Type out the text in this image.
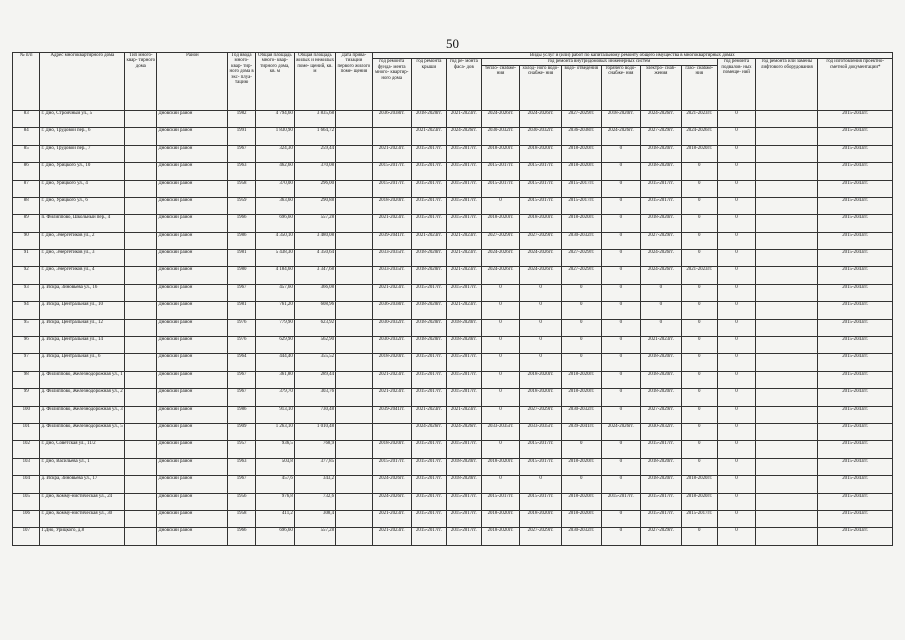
50
№ п/п	Адрес многоквартирного дома	Тип много- квар- тирного дома	Район	Год ввода много- квар- тир- ного дома в экс- плуа- тацию	Общая площадь много- квар- тирного дома, кв. м	Общая площадь жилых и нежилых поме- щений, кв. м	Дата прива- тизации первого жилого поме- щения	Виды услуг и (или) работ по капитальному ремонту общего имущества в многоквартирных домах											
								год ремонта фунда- мента много- квартир- ного дома	год ремонта крыши	год ре- монта фаса- дов	год ремонта внутридомовых инженерных систем						год ремонта подвалов- ных помеще- ний	год ремонта или замены лифтового оборудования	год изготовления проектно-сметной документации*
											тепло- снабже- ния	холод- ного водо- снабже- ния	водо- отведения	горячего водо- снабже- ния	электро- снаб- жения	газо- снабже- ния			
83	г. Дно, Стройчный ул., 5		Дновский район	1982	4 794,60	3 835,68		2036-2038гг.	2018-2020гг.	2021-2023гг.	2024-2026гг.	2024-2026гг.	2027-2029гг.	2018-2020гг.	2024-2026гг.	2021-2023гг.	0		2015-2043гг.
84	г. Дно, Трудовой пер., 6		Дновский район	1991	1 830,90	1 664,72			2021-2023гг.	2024-2026гг.	2030-2032гг.	2030-2032гг.	2036-2038гг.	2024-2026гг.	2027-2029гг.	2024-2026гг.	0		2015-2043гг.
85	г. Дно, Трудовой пер., 7		Дновский район	1967	324,30	259,44		2021-2023гг.	2015-2017гг.	2015-2017гг.	2018-2020гг.	2018-2020гг.	2018-2020гг.	0	2018-2020гг.	2018-2020гг.	0		2015-2043гг.
86	г. Дно, Урицкого ул., 10		Дновский район	1963	462,60	370,08		2015-2017гг.	2015-2017гг.	2015-2017гг.	2015-2017гг.	2015-2017гг.	2018-2020гг.	0	2018-2020гг.	0	0		2015-2043гг.
87	г. Дно, Урицкого ул., 4		Дновский район	1958	370,00	296,00		2015-2017гг.	2015-2017гг.	2015-2017гг.	2015-2017гг.	2015-2017гг.	2015-2017гг.	0	2015-2017гг.	0	0		2015-2043гг.
88	г. Дно, Урицкого ул., 6		Дновский район	1959	363,60	290,88		2018-2020гг.	2015-2017гг.	2015-2017гг.	0	2015-2017гг.	2015-2017гг.	0	2015-2017гг.	0	0		2015-2043гг.
89	п. Филиппово, Школьный пер., 4		Дновский район	1966	696,60	557,28		2021-2023гг.	2015-2017гг.	2015-2017гг.	2018-2020гг.	2018-2020гг.	2018-2020гг.	0	2018-2020гг.	0	0		2015-2043гг.
90	г. Дно, Энергетиков ул., 2		Дновский район	1986	4 350,10	3 480,08		2039-2041гг.	2021-2023гг.	2021-2023гг.	2027-2029гг.	2027-2029гг.	2030-2032гг.	0	2027-2029гг.	0	0		2015-2043гг.
91	г. Дно, Энергетиков ул., 3		Дновский район	1981	5 438,30	4 350,64		2033-2035гг.	2018-2020гг.	2021-2023гг.	2024-2026гг.	2024-2026гг.	2027-2029гг.	0	2024-2026гг.	0	0		2015-2043гг.
92	г. Дно, Энергетиков ул., 4		Дновский район	1980	4 184,60	3 347,68		2033-2035гг.	2018-2020гг.	2021-2023гг.	2024-2026гг.	2024-2026гг.	2027-2029гг.	0	2024-2026гг.	2021-2023гг.	0		2015-2043гг.
93	д. Искра, Зиновьева ул., 16		Дновский район	1967	457,60	366,08		2021-2023гг.	2015-2017гг.	2015-2017гг.	0	0	0	0	0	0	0		2015-2043гг.
94	д. Искра, Центральная ул., 10		Дновский район	1981	761,20	608,96		2036-2038гг.	2018-2020гг.	2021-2023гг.	0	0	0	0	0	0	0		2015-2043гг.
95	д. Искра, Центральная ул., 12		Дновский район	1976	779,90	623,92		2030-2032гг.	2018-2020гг.	2018-2020гг.	0	0	0	0	0	0	0		2015-2043гг.
96	д. Искра, Центральная ул., 14		Дновский район	1976	629,90	562,90		2030-2032гг.	2018-2020гг.	2018-2020гг.	0	0	0	0	2021-2023гг.	0	0		2015-2043гг.
97	д. Искра, Центральная ул., 6		Дновский район	1964	444,40	355,52		2018-2020гг.	2015-2017гг.	2015-2017гг.	0	0	0	0	2018-2020гг.	0	0		2015-2043гг.
98	д. Филиппово, Железнодорожная ул., 1		Дновский район	1967	361,80	289,44		2021-2023гг.	2015-2017гг.	2015-2017гг.	0	2018-2020гг.	2018-2020гг.	0	2018-2020гг.	0	0		2015-2043гг.
99	д. Филиппово, Железнодорожная ул., 2		Дновский район	1967	379,70	303,76		2021-2023гг.	2015-2017гг.	2015-2017гг.	0	2018-2020гг.	2018-2020гг.	0	2018-2020гг.	0	0		2015-2043гг.
100	д. Филиппово, Железнодорожная ул., 3		Дновский район	1986	913,10	730,48		2039-2041гг.	2021-2023гг.	2021-2023гг.	0	2027-2029гг.	2030-2032гг.	0	2027-2029гг.	0	0		2015-2043гг.
101	д. Филиппово, Железнодорожная ул., 5		Дновский район	1909	1 263,10	1 010,48			2024-2026гг.	2024-2026гг.	2033-2035гг.	2033-2035гг.	2039-2041гг.	2024-2026гг.	2030-2032гг.	0	0		2015-2043гг.
102	г. Дно, Советская ул., 11/2		Дновский район	1957	936,5	768,9		2018-2020гг.	2015-2017гг.	2015-2017гг.	0	2015-2017гг.	0	0	2015-2017гг.	0	0		2015-2043гг.
103	г. Дно, Васильева ул., 1		Дновский район	1963	503,8	377,85		2015-2017гг.	2015-2017гг.	2018-2020гг.	2018-2020гг.	2015-2017гг.	2018-2020гг.	0	2018-2020гг.	0	0		2015-2043гг.
104	д. Искра, Зиновьева ул., 17		Дновский район	1967	457,6	343,2		2024-2026гг.	2015-2017гг.	2018-2020гг.	0	0	0	0	2018-2020гг.	2018-2020гг.	0		2015-2043гг.
105	г. Дно, Комму-нистическая ул., 24		Дновский район	1956	976,8	732,6		2024-2026гг.	2015-2017гг.	2015-2017гг.	2015-2017гг.	2015-2017гг.	2018-2020гг.	2015-2017гг.	2015-2017гг.	2018-2020гг.	0		2015-2043гг.
106	г. Дно, Комму-нистическая ул., 30		Дновский район	1958	411,2	308,4		2021-2023гг.	2015-2017гг.	2015-2017гг.	2018-2020гг.	2018-2020гг.	2018-2020гг.	0	2015-2017гг.	2015-2017гг.	0		2015-2043гг.
107	Г.Дно, Урицкого, д.8		Дновский район	1966	696,60	557,28		2021-2023гг.	2015-2017гг.	2015-2017гг.	2018-2020гг.	2027-2029гг.	2030-2032гг.	0	2027-2029гг.	0	0		2015-2043гг.
